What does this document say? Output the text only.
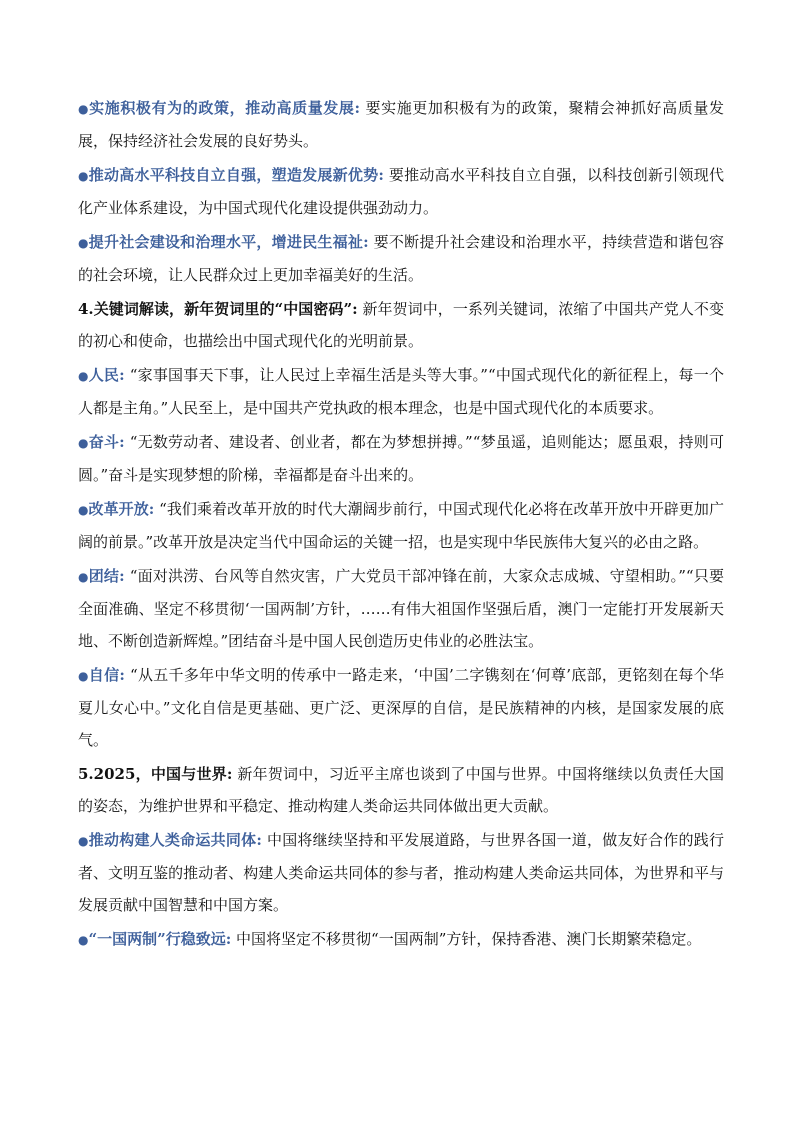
●实施积极有为的政策，推动高质量发展: 要实施更加积极有为的政策，聚精会神抓好高质量发展，保持经济社会发展的良好势头。

●推动高水平科技自立自强，塑造发展新优势: 要推动高水平科技自立自强，以科技创新引领现代化产业体系建设，为中国式现代化建设提供强劲动力。

●提升社会建设和治理水平，增进民生福祉: 要不断提升社会建设和治理水平，持续营造和谐包容的社会环境，让人民群众过上更加幸福美好的生活。

4.关键词解读，新年贺词里的“中国密码”: 新年贺词中，一系列关键词，浓缩了中国共产党人不变的初心和使命，也描绘出中国式现代化的光明前景。

●人民: “家事国事天下事，让人民过上幸福生活是头等大事。”“中国式现代化的新征程上，每一个人都是主角。”人民至上，是中国共产党执政的根本理念，也是中国式现代化的本质要求。

●奋斗: “无数劳动者、建设者、创业者，都在为梦想拼搏。”“梦虽遥，追则能达；愿虽艰，持则可圆。”奋斗是实现梦想的阶梯，幸福都是奋斗出来的。

●改革开放: “我们乘着改革开放的时代大潮阔步前行，中国式现代化必将在改革开放中开辟更加广阔的前景。”改革开放是决定当代中国命运的关键一招，也是实现中华民族伟大复兴的必由之路。

●团结: “面对洪涝、台风等自然灾害，广大党员干部冲锋在前，大家众志成城、守望相助。”“只要全面准确、坚定不移贯彻‘一国两制’方针，……有伟大祖国作坚强后盾，澳门一定能打开发展新天地、不断创造新辉煌。”团结奋斗是中国人民创造历史伟业的必胜法宝。

●自信: “从五千多年中华文明的传承中一路走来，‘中国’二字镌刻在‘何尊’底部，更铭刻在每个华夏儿女心中。”文化自信是更基础、更广泛、更深厚的自信，是民族精神的内核，是国家发展的底气。

5.2025，中国与世界: 新年贺词中，习近平主席也谈到了中国与世界。中国将继续以负责任大国的姿态，为维护世界和平稳定、推动构建人类命运共同体做出更大贡献。

●推动构建人类命运共同体: 中国将继续坚持和平发展道路，与世界各国一道，做友好合作的践行者、文明互鉴的推动者、构建人类命运共同体的参与者，推动构建人类命运共同体，为世界和平与发展贡献中国智慧和中国方案。

●“一国两制”行稳致远: 中国将坚定不移贯彻“一国两制”方针，保持香港、澳门长期繁荣稳定。
